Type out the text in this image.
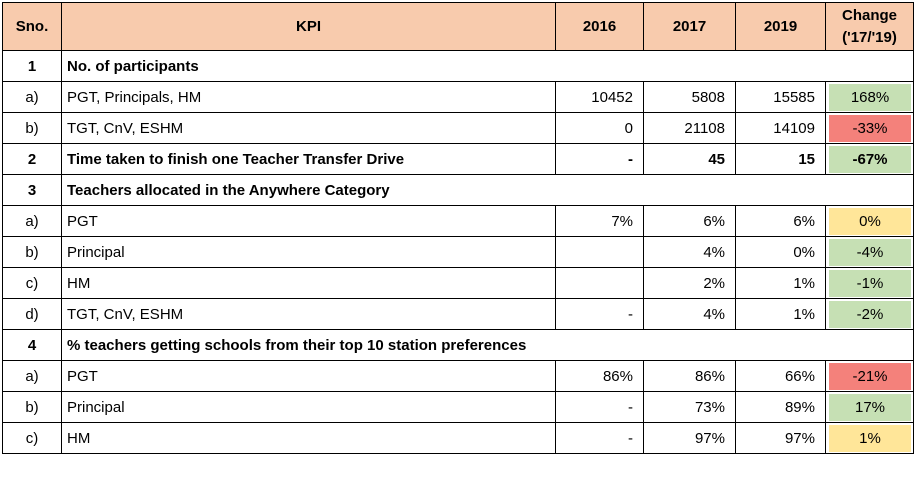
Sno.	KPI	2016	2017	2019	Change
('17/'19)

1	No. of participants				
a)	PGT, Principals, HM	10452	5808	15585	168%

b)	TGT, CnV, ESHM	0	21108	14109	-33%

2	Time taken to finish one Teacher Transfer Drive	-	45	15	-67%

3	Teachers allocated in the Anywhere Category				
a)	PGT	7%	6%	6%	0%

b)	Principal		4%	0%	-4%

c)	HM		2%	1%	-1%

d)	TGT, CnV, ESHM	-	4%	1%	-2%

4	% teachers getting schools from their top 10 station preferences				
a)	PGT	86%	86%	66%	-21%

b)	Principal	-	73%	89%	17%

c)	HM	-	97%	97%	1%
